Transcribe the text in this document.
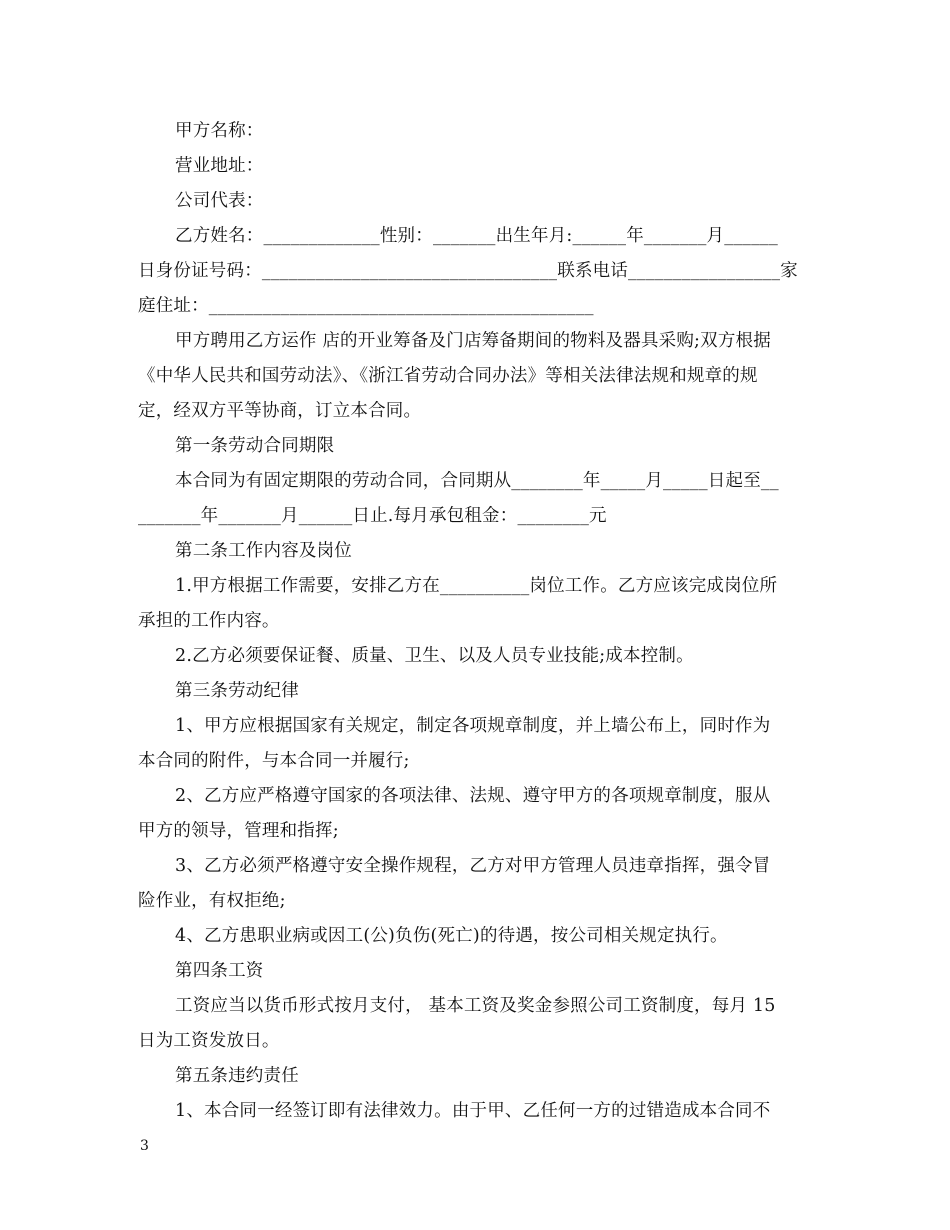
甲方名称：

营业地址：

公司代表：

乙方姓名：_____________性别：_______出生年月:______年_______月______

日身份证号码：_________________________________联系电话_________________家

庭住址：___________________________________________

甲方聘用乙方运作 店的开业筹备及门店筹备期间的物料及器具采购;双方根据

《中华人民共和国劳动法》、《浙江省劳动合同办法》等相关法律法规和规章的规

定，经双方平等协商，订立本合同。

第一条劳动合同期限

本合同为有固定期限的劳动合同，合同期从________年_____月_____日起至__

_______年_______月______日止.每月承包租金：________元

第二条工作内容及岗位

1.甲方根据工作需要，安排乙方在__________岗位工作。乙方应该完成岗位所

承担的工作内容。

2.乙方必须要保证餐、质量、卫生、以及人员专业技能;成本控制。

第三条劳动纪律

1、甲方应根据国家有关规定，制定各项规章制度，并上墙公布上，同时作为

本合同的附件，与本合同一并履行;

2、乙方应严格遵守国家的各项法律、法规、遵守甲方的各项规章制度，服从

甲方的领导，管理和指挥;

3、乙方必须严格遵守安全操作规程，乙方对甲方管理人员违章指挥，强令冒

险作业，有权拒绝;

4、乙方患职业病或因工(公)负伤(死亡)的待遇，按公司相关规定执行。

第四条工资

工资应当以货币形式按月支付， 基本工资及奖金参照公司工资制度，每月 15

日为工资发放日。

第五条违约责任

1、本合同一经签订即有法律效力。由于甲、乙任何一方的过错造成本合同不

3
